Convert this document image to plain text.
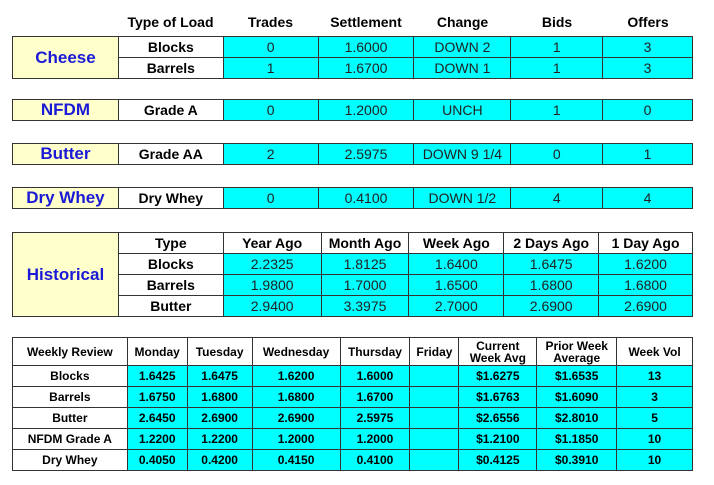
	Type of Load	Trades	Settlement	Change	Bids	Offers
Cheese	Blocks	0	1.6000	DOWN 2	1	3
	Barrels	1	1.6700	DOWN 1	1	3
NFDM	Grade A	0	1.2000	UNCH	1	0
Butter	Grade AA	2	2.5975	DOWN 9 1/4	0	1
Dry Whey	Dry Whey	0	0.4100	DOWN 1/2	4	4
Historical	Type	Year Ago	Month Ago	Week Ago	2 Days Ago	1 Day Ago
	Blocks	2.2325	1.8125	1.6400	1.6475	1.6200
	Barrels	1.9800	1.7000	1.6500	1.6800	1.6800
	Butter	2.9400	3.3975	2.7000	2.6900	2.6900
Weekly Review	Monday	Tuesday	Wednesday	Thursday	Friday	Current Week Avg	Prior Week Average	Week Vol
Blocks	1.6425	1.6475	1.6200	1.6000		$1.6275	$1.6535	13
Barrels	1.6750	1.6800	1.6800	1.6700		$1.6763	$1.6090	3
Butter	2.6450	2.6900	2.6900	2.5975		$2.6556	$2.8010	5
NFDM Grade A	1.2200	1.2200	1.2000	1.2000		$1.2100	$1.1850	10
Dry Whey	0.4050	0.4200	0.4150	0.4100		$0.4125	$0.3910	10
